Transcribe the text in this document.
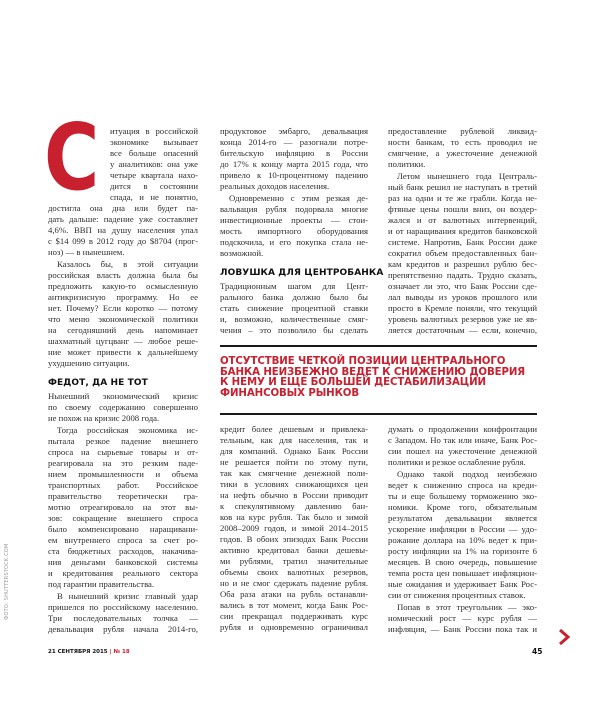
С	итуация в российской
экономике вызывает
все больше опасений
у аналитиков: она уже
четыре квартала нахо-
дится в состоянии
спада, и не понятно,
достигла она дна или будет па-
дать дальше: падение уже составляет
4,6%. ВВП на душу населения упал
с $14 099 в 2012 году до $8704 (прог-
ноз) — в нынешнем.
Казалось бы, в этой ситуации
российская власть должна была бы
предложить какую-то осмысленную
антикризисную программу. Но ее
нет. Почему? Если коротко — потому
что меню экономической политики
на сегодняшний день напоминает
шахматный цугцванг — любое реше-
ние может привести к дальнейшему
ухудшению ситуации.
ФЕДОТ, ДА НЕ ТОТ
Нынешний экономический кризис
по своему содержанию совершенно
не похож на кризис 2008 года.
Тогда российская экономика ис-
пытала резкое падение внешнего
спроса на сырьевые товары и от-
реагировала на это резким паде-
нием промышленности и объема
транспортных работ. Российское
правительство теоретически гра-
мотно отреагировало на этот вы-
зов: сокращение внешнего спроса
было компенсировано наращивани-
ем внутреннего спроса за счет ро-
ста бюджетных расходов, накачива-
ния деньгами банковской системы
и кредитования реального сектора
под гарантии правительства.
В нынешний кризис главный удар
пришелся по российскому населению.
Три последовательных толчка —
девальвация рубля начала 2014-го,
продуктовое эмбарго, девальвация
конца 2014-го — разогнали потре-
бительскую инфляцию в России
до 17% к концу марта 2015 года, что
привело к 10-процентному падению
реальных доходов населения.
Одновременно с этим резкая де-
вальвация рубля подорвала многие
инвестиционные проекты — стои-
мость импортного оборудования
подскочила, и его покупка стала не-
возможной.
ЛОВУШКА ДЛЯ ЦЕНТРОБАНКА
Традиционным шагом для Цент-
рального банка должно было бы
стать снижение процентной ставки
и, возможно, количественные смяг-
чения – это позволило бы сделать
предоставление рублевой ликвид-
ности банкам, то есть проводил не
смягчение, а ужесточение денежной
политики.
Летом нынешнего года Централь-
ный банк решил не наступать в третий
раз на одни и те же грабли. Когда не-
фтяные цены пошли вниз, он воздер-
жался и от валютных интервенций,
и от наращивания кредитов банковской
системе. Напротив, Банк России даже
сократил объем предоставленных бан-
кам кредитов и разрешил рублю бес-
препятственно падать. Трудно сказать,
означает ли это, что Банк России сде-
лал выводы из уроков прошлого или
просто в Кремле поняли, что текущий
уровень валютных резервов уже не яв-
ляется достаточным — если, конечно,
ОТСУТСТВИЕ ЧЕТКОЙ ПОЗИЦИИ ЦЕНТРАЛЬНОГО
БАНКА НЕИЗБЕЖНО ВЕДЕТ К СНИЖЕНИЮ ДОВЕРИЯ
К НЕМУ И ЕЩЕ БОЛЬШЕЙ ДЕСТАБИЛИЗАЦИИ
ФИНАНСОВЫХ РЫНКОВ
кредит более дешевым и привлека-
тельным, как для населения, так и
для компаний. Однако Банк России
не решается пойти по этому пути,
так как смягчение денежной поли-
тики в условиях снижающихся цен
на нефть обычно в России приводит
к спекулятивному давлению бан-
ков на курс рубля. Так было и зимой
2008–2009 годов, и зимой 2014–2015
годов. В обоих эпизодах Банк России
активно кредитовал банки дешевы-
ми рублями, тратил значительные
объемы своих валютных резервов,
но и не смог сдержать падение рубля.
Оба раза атаки на рубль останавли-
вались в тот момент, когда Банк Рос-
сии прекращал поддерживать курс
рубля и одновременно ограничивал
думать о продолжении конфронтации
с Западом. Но так или иначе, Банк Рос-
сии пошел на ужесточение денежной
политики и резкое ослабление рубля.
Однако такой подход неизбежно
ведет к снижению спроса на креди-
ты и еще большему торможению эко-
номики. Кроме того, обязательным
результатом девальвации является
ускорение инфляции в России — удо-
рожание доллара на 10% ведет к при-
росту инфляции на 1% на горизонте 6
месяцев. В свою очередь, повышение
темпа роста цен повышает инфляцион-
ные ожидания и удерживает Банк Рос-
сии от снижения процентных ставок.
Попав в этот треугольник — эко-
номический рост — курс рубля —
инфляция, — Банк России пока так и
ФОТО: SHUTTERSTOCK.COM
21 СЕНТЯБРЯ 2015 | № 18	45
